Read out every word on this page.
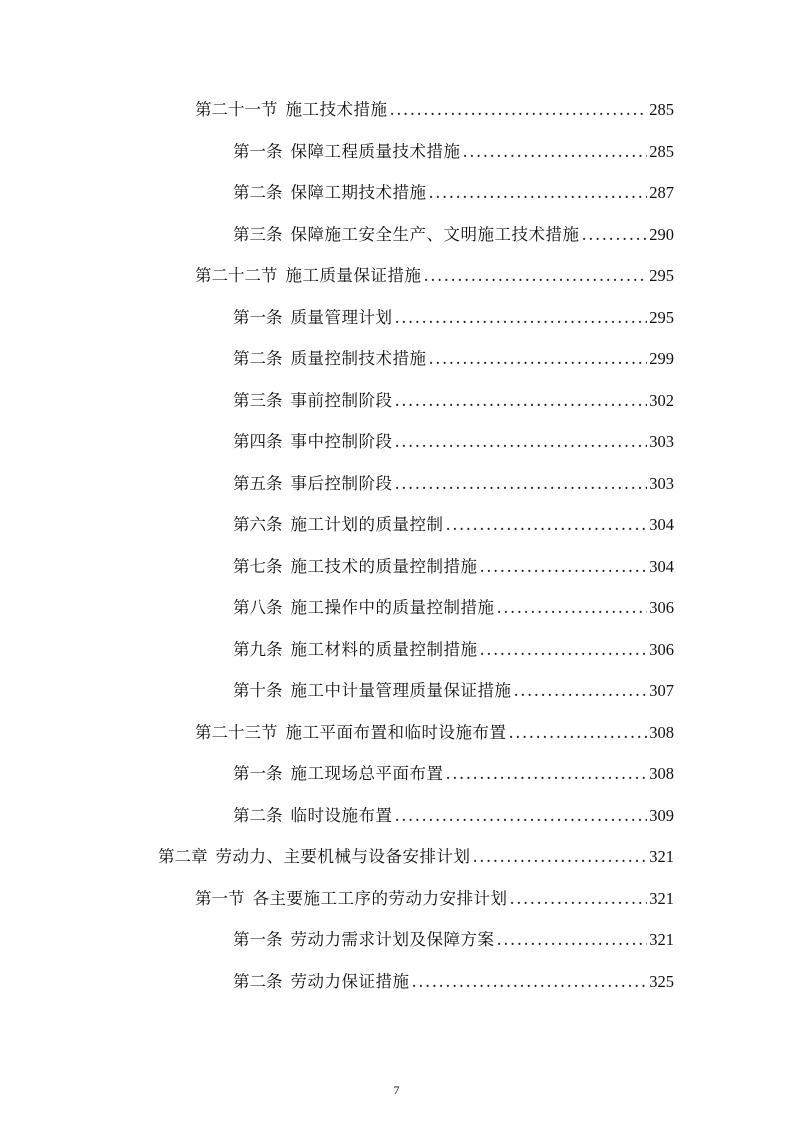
第二十一节 施工技术措施 .....	285
第一条 保障工程质量技术措施 .....	285
第二条 保障工期技术措施 .....	287
第三条 保障施工安全生产、文明施工技术措施 .....	290
第二十二节 施工质量保证措施 .....	295
第一条 质量管理计划 .....	295
第二条 质量控制技术措施 .....	299
第三条 事前控制阶段 .....	302
第四条 事中控制阶段 .....	303
第五条 事后控制阶段 .....	303
第六条 施工计划的质量控制 .....	304
第七条 施工技术的质量控制措施 .....	304
第八条 施工操作中的质量控制措施 .....	306
第九条 施工材料的质量控制措施 .....	306
第十条 施工中计量管理质量保证措施 .....	307
第二十三节 施工平面布置和临时设施布置 .....	308
第一条 施工现场总平面布置 .....	308
第二条 临时设施布置 .....	309
第二章 劳动力、主要机械与设备安排计划 .....	321
第一节 各主要施工工序的劳动力安排计划 .....	321
第一条 劳动力需求计划及保障方案 .....	321
第二条 劳动力保证措施 .....	325
7
